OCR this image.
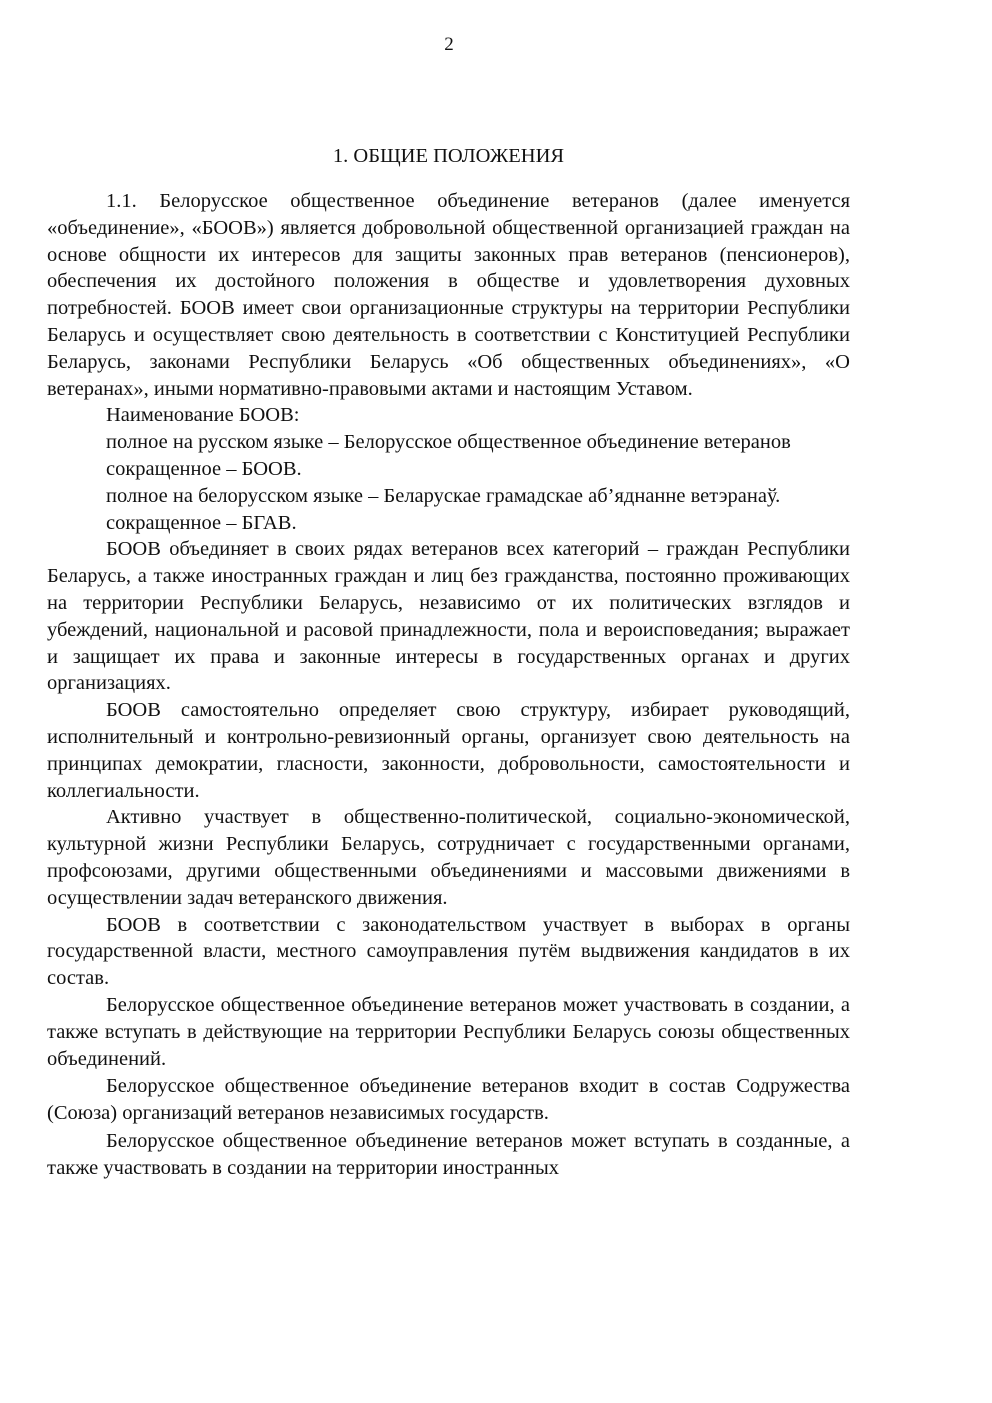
2
1. ОБЩИЕ ПОЛОЖЕНИЯ

1.1. Белорусское общественное объединение ветеранов (далее именуется «объединение», «БООВ») является добровольной общественной организацией граждан на основе общности их интересов для защиты законных прав ветеранов (пенсионеров), обеспечения их достойного положения в обществе и удовлетворения духовных потребностей. БООВ имеет свои организационные структуры на территории Республики Беларусь и осуществляет свою деятельность в соответствии с Конституцией Республики Беларусь, законами Республики Беларусь «Об общественных объединениях», «О ветеранах», иными нормативно-правовыми актами и настоящим Уставом.

Наименование БООВ:

полное на русском языке – Белорусское общественное объединение ветеранов

сокращенное – БООВ.

полное на белорусском языке – Беларускае грамадскае аб’яднанне ветэранаў.

сокращенное – БГАВ.

БООВ объединяет в своих рядах ветеранов всех категорий – граждан Республики Беларусь, а также иностранных граждан и лиц без гражданства, постоянно проживающих на территории Республики Беларусь, независимо от их политических взглядов и убеждений, национальной и расовой принадлежности, пола и вероисповедания; выражает и защищает их права и законные интересы в государственных органах и других организациях.

БООВ самостоятельно определяет свою структуру, избирает руководящий, исполнительный и контрольно-ревизионный органы, организует свою деятельность на принципах демократии, гласности, законности, добровольности, самостоятельности и коллегиальности.

Активно участвует в общественно-политической, социально-экономической, культурной жизни Республики Беларусь, сотрудничает с государственными органами, профсоюзами, другими общественными объединениями и массовыми движениями в осуществлении задач ветеранского движения.

БООВ в соответствии с законодательством участвует в выборах в органы государственной власти, местного самоуправления путём выдвижения кандидатов в их состав.

Белорусское общественное объединение ветеранов может участвовать в создании, а также вступать в действующие на территории Республики Беларусь союзы общественных объединений.

Белорусское общественное объединение ветеранов входит в состав Содружества (Союза) организаций ветеранов независимых государств.

Белорусское общественное объединение ветеранов может вступать в созданные, а также участвовать в создании на территории иностранных
